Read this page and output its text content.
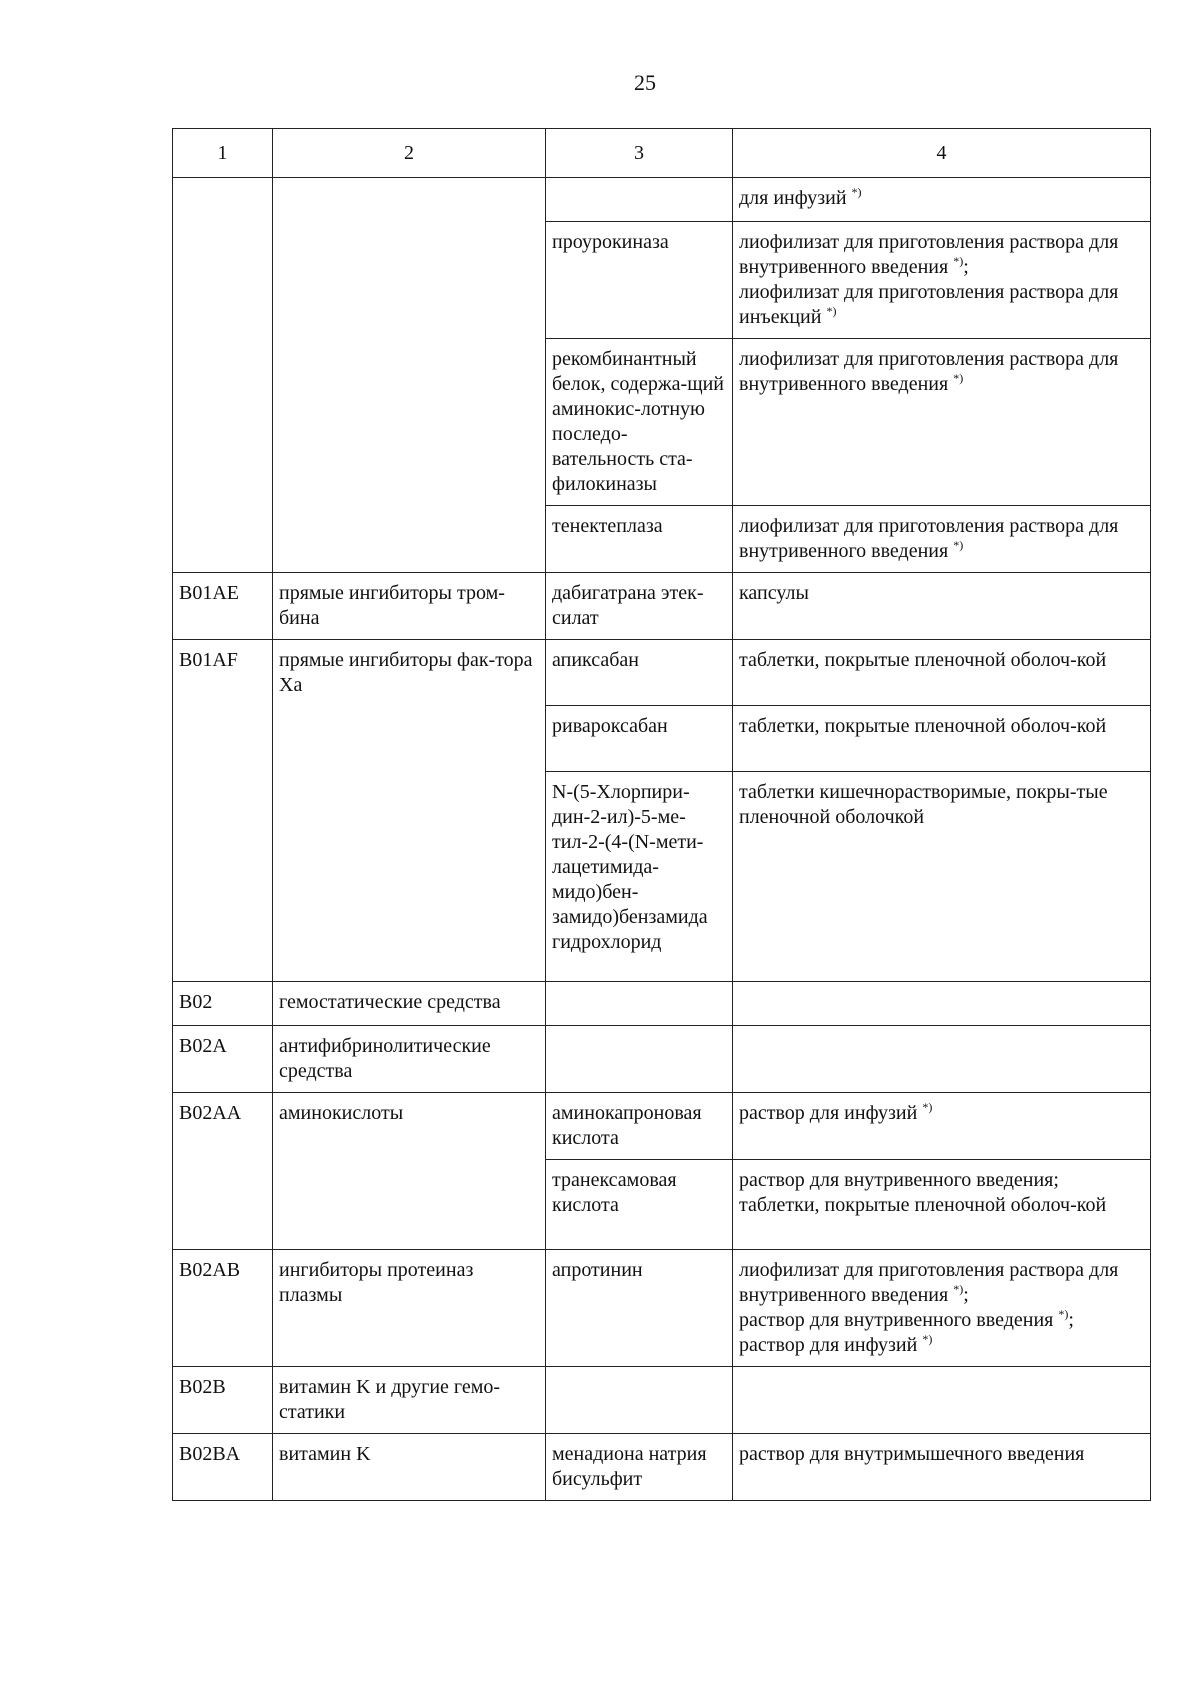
25
1	2	3	4

			для инфузий *)

		проурокиназа	лиофилизат для приготовления раствора для внутривенного введения *);
лиофилизат для приготовления раствора для инъекций *)

		рекомбинантный белок, содержа-щий аминокис-лотную последо-вательность ста-филокиназы	лиофилизат для приготовления раствора для внутривенного введения *)

		тенектеплаза	лиофилизат для приготовления раствора для внутривенного введения *)

B01AE	прямые ингибиторы тром-бина	дабигатрана этек-силат	капсулы

B01AF	прямые ингибиторы фак-тора Xa	апиксабан	таблетки, покрытые пленочной оболоч-кой

		ривароксабан	таблетки, покрытые пленочной оболоч-кой

		N-(5-Хлорпири-дин-2-ил)-5-ме-тил-2-(4-(N-мети-лацетимида-мидо)бен-замидо)бензамида гидрохлорид	таблетки кишечнорастворимые, покры-тые пленочной оболочкой

B02	гемостатические средства		
B02A	антифибринолитические средства		
B02AA	аминокислоты	аминокапроновая кислота	раствор для инфузий *)

		транексамовая кислота	раствор для внутривенного введения;
таблетки, покрытые пленочной оболоч-кой

B02AB	ингибиторы протеиназ плазмы	апротинин	лиофилизат для приготовления раствора для внутривенного введения *);
раствор для внутривенного введения *);
раствор для инфузий *)

B02B	витамин K и другие гемо-статики		
B02BA	витамин K	менадиона натрия бисульфит	раствор для внутримышечного введения
